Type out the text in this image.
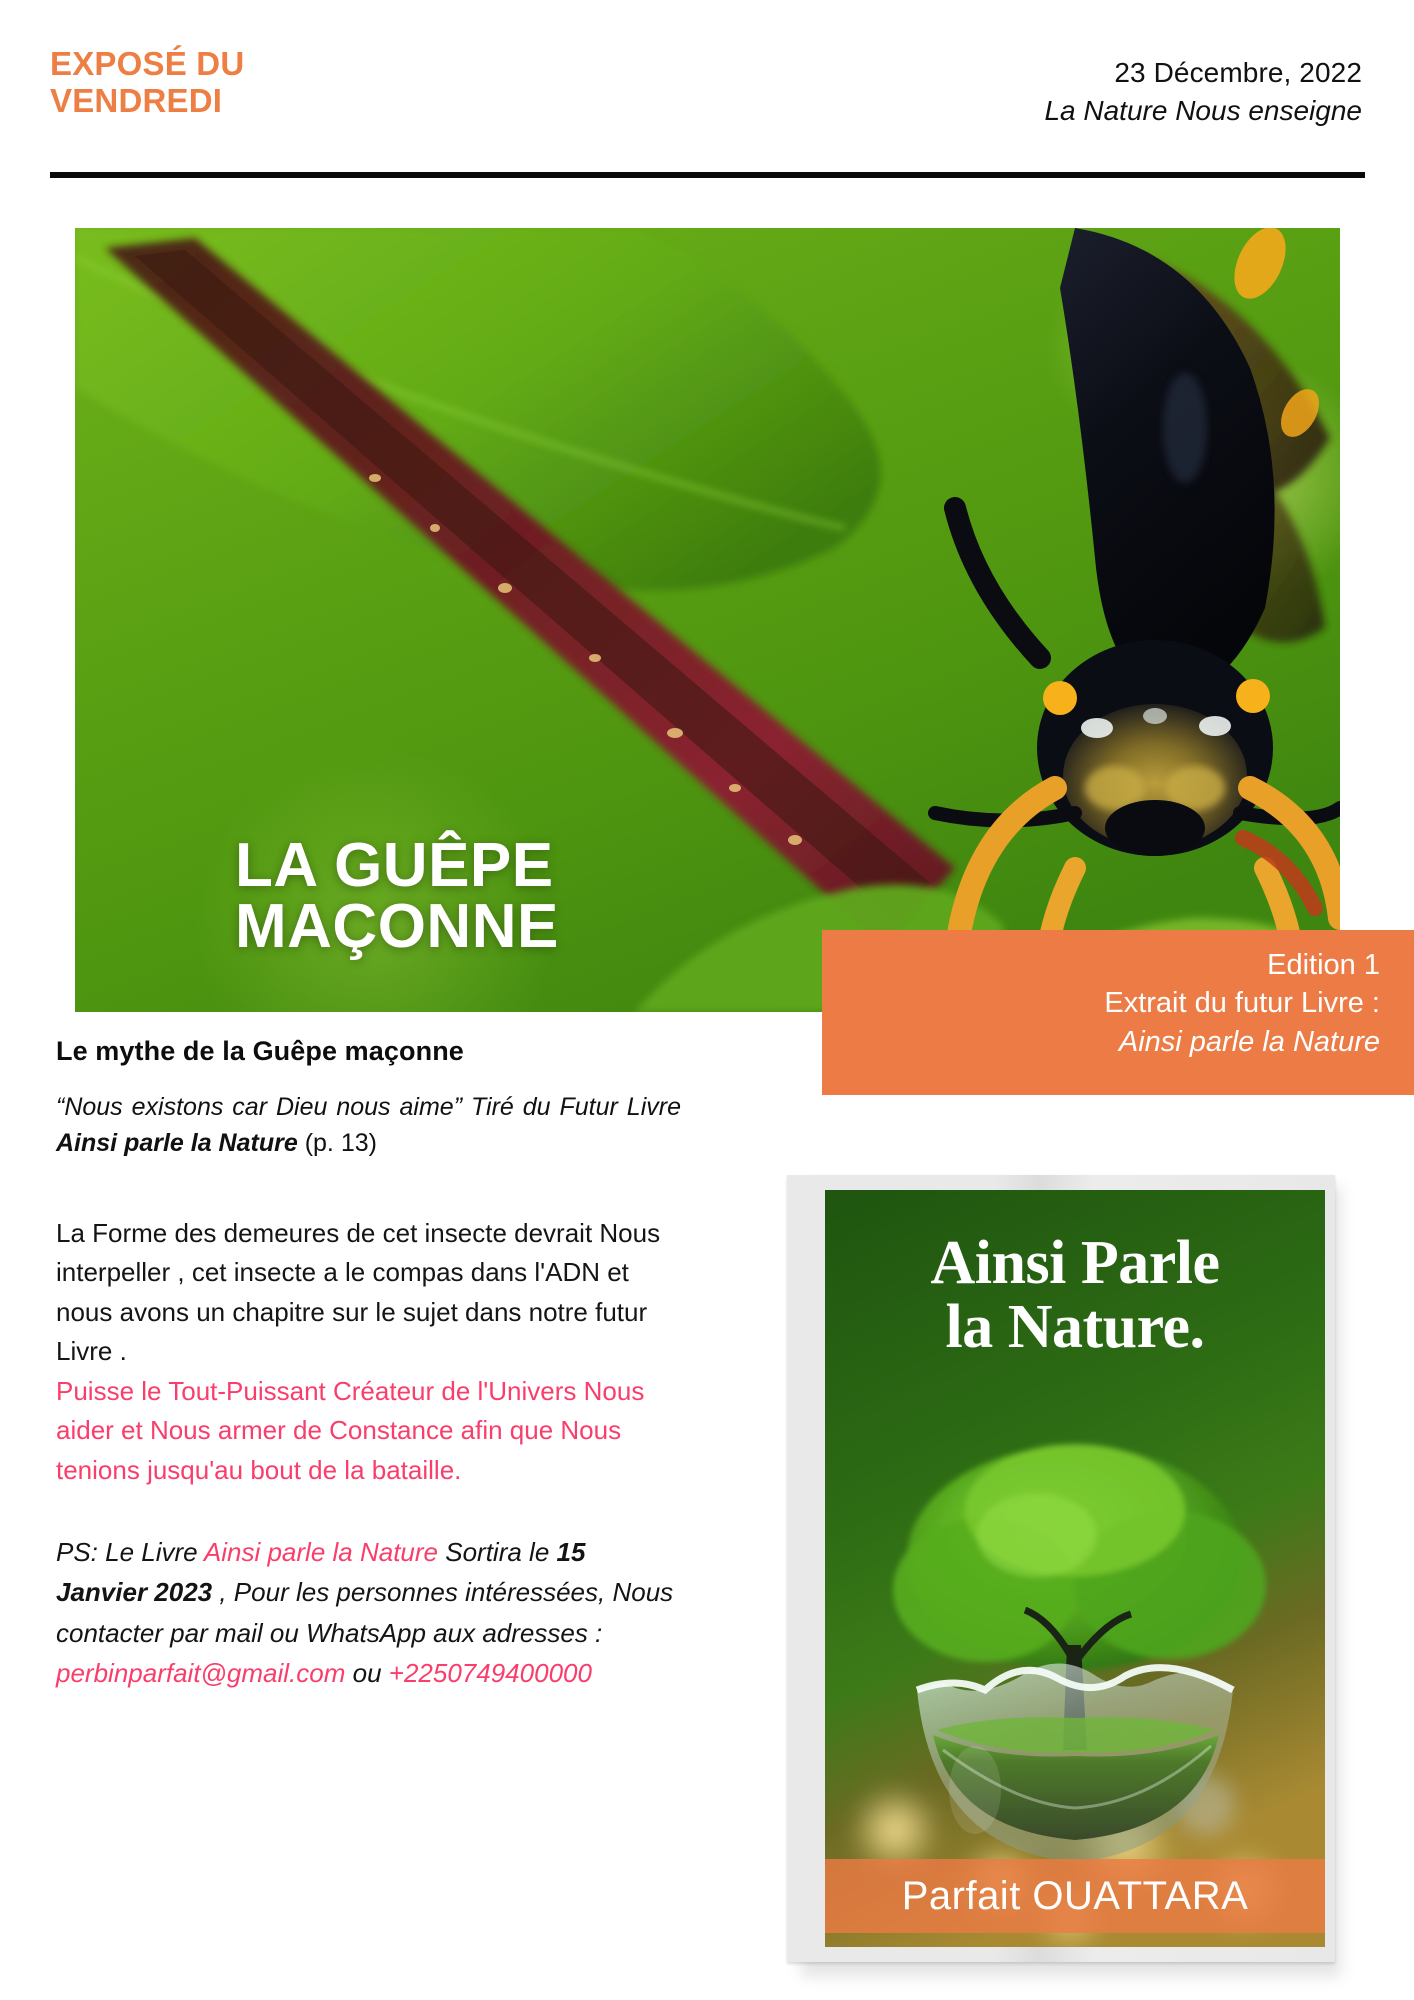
EXPOSÉ DU
VENDREDI
23 Décembre, 2022
La Nature Nous enseigne
LA GUÊPE
MAÇONNE
Edition 1
Extrait du futur Livre :
Ainsi parle la Nature
Le mythe de la Guêpe maçonne
“Nous existons car Dieu nous aime” Tiré du Futur Livre Ainsi parle la Nature (p. 13)
La Forme des demeures de cet insecte devrait Nous interpeller , cet insecte a le compas dans l'ADN et nous avons un chapitre sur le sujet dans notre futur Livre .
Puisse le Tout-Puissant Créateur de l'Univers Nous aider et Nous armer de Constance afin que Nous tenions jusqu'au bout de la bataille.
PS: Le Livre Ainsi parle la Nature Sortira le 15 Janvier 2023 , Pour les personnes intéressées, Nous contacter par mail ou WhatsApp aux adresses : perbinparfait@gmail.com ou +2250749400000
Ainsi Parle
la Nature.
Parfait OUATTARA
